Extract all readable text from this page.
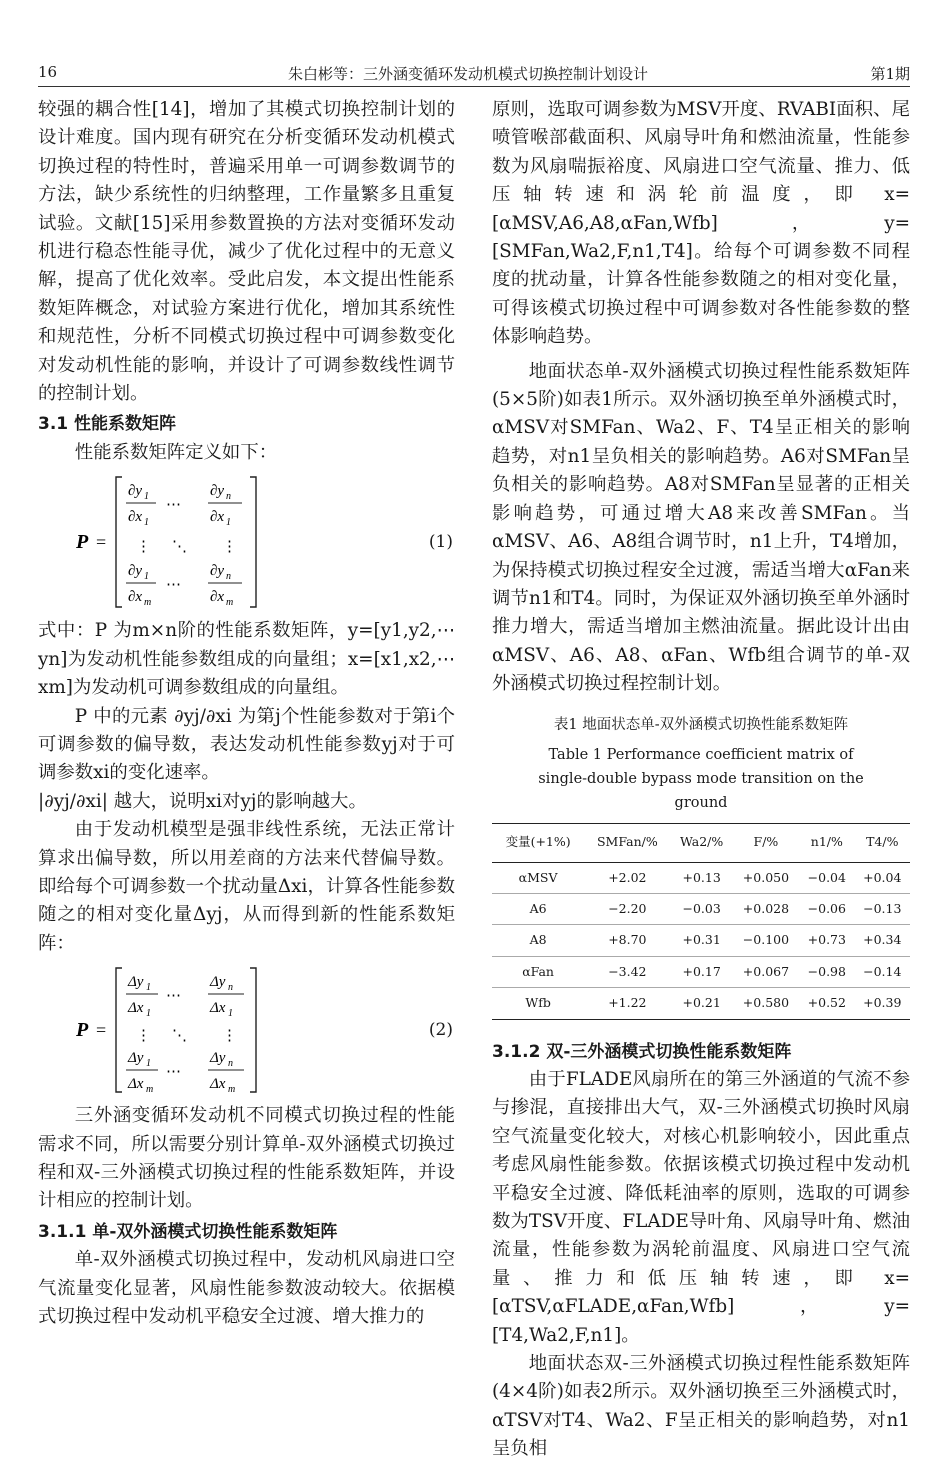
16	朱白彬等：三外涵变循环发动机模式切换控制计划设计	第1期

较强的耦合性[14]，增加了其模式切换控制计划的设计难度。国内现有研究在分析变循环发动机模式切换过程的特性时，普遍采用单一可调参数调节的方法，缺少系统性的归纳整理，工作量繁多且重复试验。文献[15]采用参数置换的方法对变循环发动机进行稳态性能寻优，减少了优化过程中的无意义解，提高了优化效率。受此启发，本文提出性能系数矩阵概念，对试验方案进行优化，增加其系统性和规范性，分析不同模式切换过程中可调参数变化对发动机性能的影响，并设计了可调参数线性调节的控制计划。

3.1 性能系数矩阵

性能系数矩阵定义如下：

P =
∂y 1
∂x 1
⋯
∂y n
∂x 1
⋮ ⋱ ⋮
∂y 1
∂x m
⋯
∂y n
∂x m
(1)

式中：P 为m×n阶的性能系数矩阵，y=[y1,y2,⋯yn]为发动机性能参数组成的向量组；x=[x1,x2,⋯xm]为发动机可调参数组成的向量组。

P 中的元素 ∂yj/∂xi 为第j个性能参数对于第i个可调参数的偏导数，表达发动机性能参数yj对于可调参数xi的变化速率。

|∂yj/∂xi| 越大，说明xi对yj的影响越大。

由于发动机模型是强非线性系统，无法正常计算求出偏导数，所以用差商的方法来代替偏导数。即给每个可调参数一个扰动量Δxi，计算各性能参数随之的相对变化量Δyj，从而得到新的性能系数矩阵：

P =
Δy 1
Δx 1
⋯
Δy n
Δx 1
⋮ ⋱ ⋮
Δy 1
Δx m
⋯
Δy n
Δx m
(2)

三外涵变循环发动机不同模式切换过程的性能需求不同，所以需要分别计算单-双外涵模式切换过程和双-三外涵模式切换过程的性能系数矩阵，并设计相应的控制计划。

3.1.1 单-双外涵模式切换性能系数矩阵

单-双外涵模式切换过程中，发动机风扇进口空气流量变化显著，风扇性能参数波动较大。依据模式切换过程中发动机平稳安全过渡、增大推力的

原则，选取可调参数为MSV开度、RVABI面积、尾喷管喉部截面积、风扇导叶角和燃油流量，性能参数为风扇喘振裕度、风扇进口空气流量、推力、低压轴转速和涡轮前温度，即 x=[αMSV,A6,A8,αFan,Wfb]，y=[SMFan,Wa2,F,n1,T4]。给每个可调参数不同程度的扰动量，计算各性能参数随之的相对变化量，可得该模式切换过程中可调参数对各性能参数的整体影响趋势。

地面状态单-双外涵模式切换过程性能系数矩阵(5×5阶)如表1所示。双外涵切换至单外涵模式时，αMSV对SMFan、Wa2、F、T4呈正相关的影响趋势，对n1呈负相关的影响趋势。A6对SMFan呈负相关的影响趋势。A8对SMFan呈显著的正相关影响趋势，可通过增大A8来改善SMFan。当αMSV、A6、A8组合调节时，n1上升，T4增加，为保持模式切换过程安全过渡，需适当增大αFan来调节n1和T4。同时，为保证双外涵切换至单外涵时推力增大，需适当增加主燃油流量。据此设计出由αMSV、A6、A8、αFan、Wfb组合调节的单-双外涵模式切换过程控制计划。

表1 地面状态单-双外涵模式切换性能系数矩阵
Table 1 Performance coefficient matrix of single-double bypass mode transition on the ground
变量(+1%)	SMFan/%	Wa2/%	F/%	n1/%	T4/%
αMSV	+2.02	+0.13	+0.050	−0.04	+0.04
A6	−2.20	−0.03	+0.028	−0.06	−0.13
A8	+8.70	+0.31	−0.100	+0.73	+0.34
αFan	−3.42	+0.17	+0.067	−0.98	−0.14
Wfb	+1.22	+0.21	+0.580	+0.52	+0.39

3.1.2 双-三外涵模式切换性能系数矩阵

由于FLADE风扇所在的第三外涵道的气流不参与掺混，直接排出大气，双-三外涵模式切换时风扇空气流量变化较大，对核心机影响较小，因此重点考虑风扇性能参数。依据该模式切换过程中发动机平稳安全过渡、降低耗油率的原则，选取的可调参数为TSV开度、FLADE导叶角、风扇导叶角、燃油流量，性能参数为涡轮前温度、风扇进口空气流量、推力和低压轴转速，即 x=[αTSV,αFLADE,αFan,Wfb]，y=[T4,Wa2,F,n1]。

地面状态双-三外涵模式切换过程性能系数矩阵(4×4阶)如表2所示。双外涵切换至三外涵模式时，αTSV对T4、Wa2、F呈正相关的影响趋势，对n1呈负相
